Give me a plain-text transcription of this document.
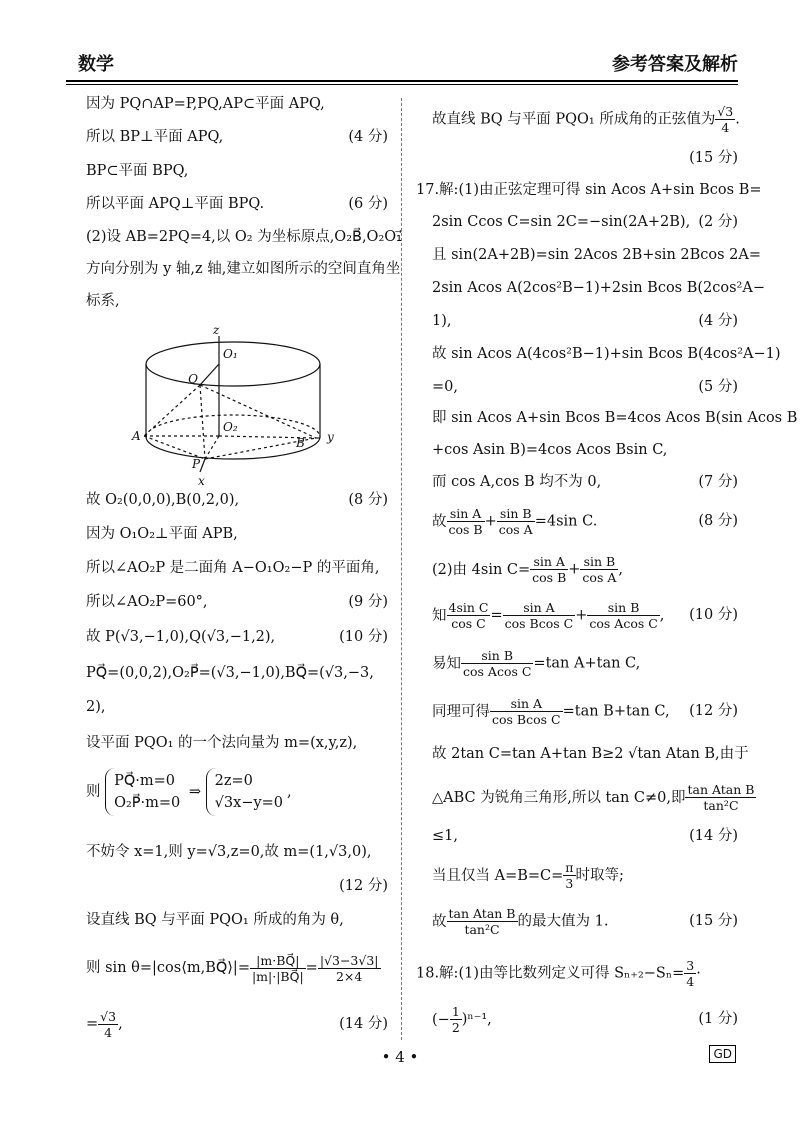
数学	参考答案及解析
因为 PQ∩AP=P,PQ,AP⊂平面 APQ,
所以 BP⊥平面 APQ,	(4 分)
BP⊂平面 BPQ,
所以平面 APQ⊥平面 BPQ.	(6 分)
(2)设 AB=2PQ=4,以 O₂ 为坐标原点,O₂B⃗,O₂O₁⃗
方向分别为 y 轴,z 轴,建立如图所示的空间直角坐
标系,
z
O₁
Q
O₂
A	B
P
y
x
故 O₂(0,0,0),B(0,2,0),	(8 分)
因为 O₁O₂⊥平面 APB,
所以∠AO₂P 是二面角 A−O₁O₂−P 的平面角,
所以∠AO₂P=60°,	(9 分)
故 P(√3,−1,0),Q(√3,−1,2),	(10 分)
PQ⃗=(0,0,2),O₂P⃗=(√3,−1,0),BQ⃗=(√3,−3,
2),
设平面 PQO₁ 的一个法向量为 m=(x,y,z),
则 PQ⃗·m=0
O₂P⃗·m=0 ⇒ 2z=0
√3x−y=0,
不妨令 x=1,则 y=√3,z=0,故 m=(1,√3,0),
(12 分)
设直线 BQ 与平面 PQO₁ 所成的角为 θ,
则 sin θ=|cos⟨m,BQ⃗⟩|= $\frac{|m\cdot BQ⃗|}{|m|\cdot|BQ⃗|} = \frac{|√3-3√3|}{2\times 4}$
= $\frac{√3}{4}$ ,	(14 分)
故直线 BQ 与平面 PQO₁ 所成角的正弦值为 $\frac{√3}{4}$ .
(15 分)
17.解:(1)由正弦定理可得 sin Acos A+sin Bcos B=
2sin Ccos C=sin 2C=−sin(2A+2B), (2 分)
且 sin(2A+2B)=sin 2Acos 2B+sin 2Bcos 2A=
2sin Acos A(2cos²B−1)+2sin Bcos B(2cos²A−
1),	(4 分)
故 sin Acos A(4cos²B−1)+sin Bcos B(4cos²A−1)
=0,	(5 分)
即 sin Acos A+sin Bcos B=4cos Acos B(sin Acos B
+cos Asin B)=4cos Acos Bsin C,
而 cos A,cos B 均不为 0,	(7 分)
故 $\frac{\text{sin A}}{\text{cos B}} + \frac{\text{sin B}}{\text{cos A}} =4\sin$ C.	(8 分)
(2)由 4sin $C= \frac{\text{sin A}}{\text{cos B}} + \frac{\text{sin B}}{\text{cos A}}$ ,
知 $\frac{\text{4sin C}}{\text{cos C}} = \frac{\text{sin A}}{\text{cos Bcos C}} + \frac{\text{sin B}}{\text{cos Acos C}}$ , (10 分)
易知 $\frac{\text{sin B}}{\text{cos Acos C}} =\tan$ A+tan C,
同理可得 $\frac{\text{sin A}}{\text{cos Bcos C}} =\tan$ B+tan C, (12 分)
故 2tan C=tan A+tan B≥2 √tan Atan B,由于
△ABC 为锐角三角形,所以 tan C≠0,即 $\frac{\text{tan Atan B}}{\text{tan²C}}$
≤1,	(14 分)
当且仅当 $A=B=C= \frac{\pi}{3}$ 时取等;
故 $\frac{\text{tan Atan B}}{\text{tan²C}}$ 的最大值为 1.	(15 分)
18.解:(1)由等比数列定义可得 $S_{n+2}-S_n= \frac{3}{4}$ ·
(− $\frac{1}{2} )^{n-1}$,	(1 分)
• 4 •	GD
